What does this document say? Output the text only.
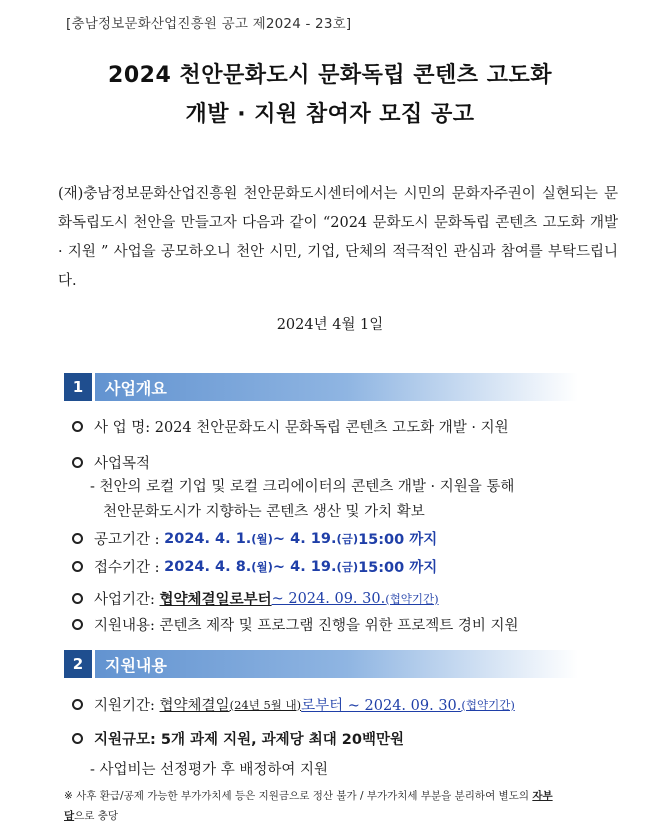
[충남정보문화산업진흥원 공고 제2024 - 23호]
2024 천안문화도시 문화독립 콘텐츠 고도화
개발 · 지원 참여자 모집 공고
(재)충남정보문화산업진흥원 천안문화도시센터에서는 시민의 문화자주권이 실현되는 문화독립도시 천안을 만들고자 다음과 같이 “2024 문화도시 문화독립 콘텐츠 고도화 개발 · 지원 ” 사업을 공모하오니 천안 시민, 기업, 단체의 적극적인 관심과 참여를 부탁드립니다.
2024년 4월 1일
1	사업개요
사 업 명: 2024 천안문화도시 문화독립 콘텐츠 고도화 개발 · 지원
사업목적
- 천안의 로컬 기업 및 로컬 크리에이터의 콘텐츠 개발 · 지원을 통해
천안문화도시가 지향하는 콘텐츠 생산 및 가치 확보
공고기간 :
2024. 4. 1. (월) ~ 4. 19. (금) 15:00 까지
접수기간 :
2024. 4. 8. (월) ~ 4. 19. (금) 15:00 까지
사업기간:
협약체결일로부터 ~ 2024. 09. 30. (협약기간)
지원내용: 콘텐츠 제작 및 프로그램 진행을 위한 프로젝트 경비 지원
2	지원내용
지원기간:
협약체결일 (24년 5월 내) 로부터 ~ 2024. 09. 30. (협약기간)
지원규모: 5개 과제 지원, 과제당 최대 20백만원
- 사업비는 선정평가 후 배정하여 지원
※ 사후 환급/공제 가능한 부가가치세 등은 지원금으로 정산 불가 / 부가가치세 부분을 분리하여 별도의 자부
담으로 충당
